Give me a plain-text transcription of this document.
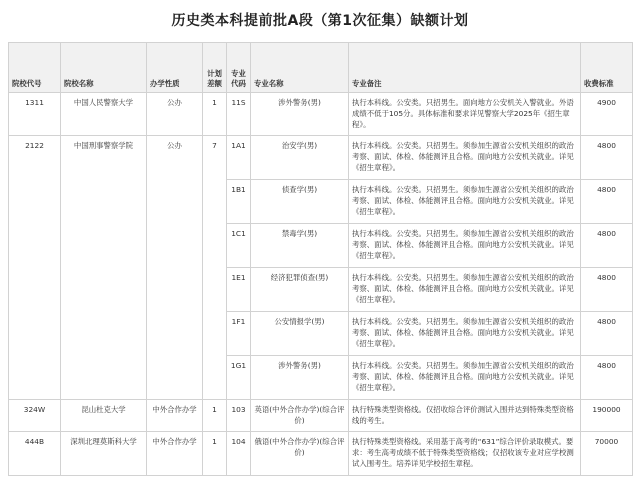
历史类本科提前批A段（第1次征集）缺额计划
院校代号	院校名称	办学性质	计划差额	专业代码	专业名称	专业备注	收费标准
1311	中国人民警察大学	公办	1	11S	涉外警务(男)	执行本科线。公安类。只招男生。面向地方公安机关入警就业。外语成绩不低于105分。具体标准和要求详见警察大学2025年《招生章程》。	4900
2122	中国刑事警察学院	公办	7	1A1	治安学(男)	执行本科线。公安类。只招男生。须参加生源省公安机关组织的政治考察、面试、体检、体能测评且合格。面向地方公安机关就业。详见《招生章程》。	4800
				1B1	侦查学(男)	执行本科线。公安类。只招男生。须参加生源省公安机关组织的政治考察、面试、体检、体能测评且合格。面向地方公安机关就业。详见《招生章程》。	4800
				1C1	禁毒学(男)	执行本科线。公安类。只招男生。须参加生源省公安机关组织的政治考察、面试、体检、体能测评且合格。面向地方公安机关就业。详见《招生章程》。	4800
				1E1	经济犯罪侦查(男)	执行本科线。公安类。只招男生。须参加生源省公安机关组织的政治考察、面试、体检、体能测评且合格。面向地方公安机关就业。详见《招生章程》。	4800
				1F1	公安情报学(男)	执行本科线。公安类。只招男生。须参加生源省公安机关组织的政治考察、面试、体检、体能测评且合格。面向地方公安机关就业。详见《招生章程》。	4800
				1G1	涉外警务(男)	执行本科线。公安类。只招男生。须参加生源省公安机关组织的政治考察、面试、体检、体能测评且合格。面向地方公安机关就业。详见《招生章程》。	4800
324W	昆山杜克大学	中外合作办学	1	103	英语(中外合作办学)(综合评价)	执行特殊类型资格线。仅招收综合评价测试入围并达到特殊类型资格线的考生。	190000
444B	深圳北理莫斯科大学	中外合作办学	1	104	俄语(中外合作办学)(综合评价)	执行特殊类型资格线。采用基于高考的“631”综合评价录取模式。要求：考生高考成绩不低于特殊类型资格线；仅招收该专业对应学校测试入围考生。培养详见学校招生章程。	70000
